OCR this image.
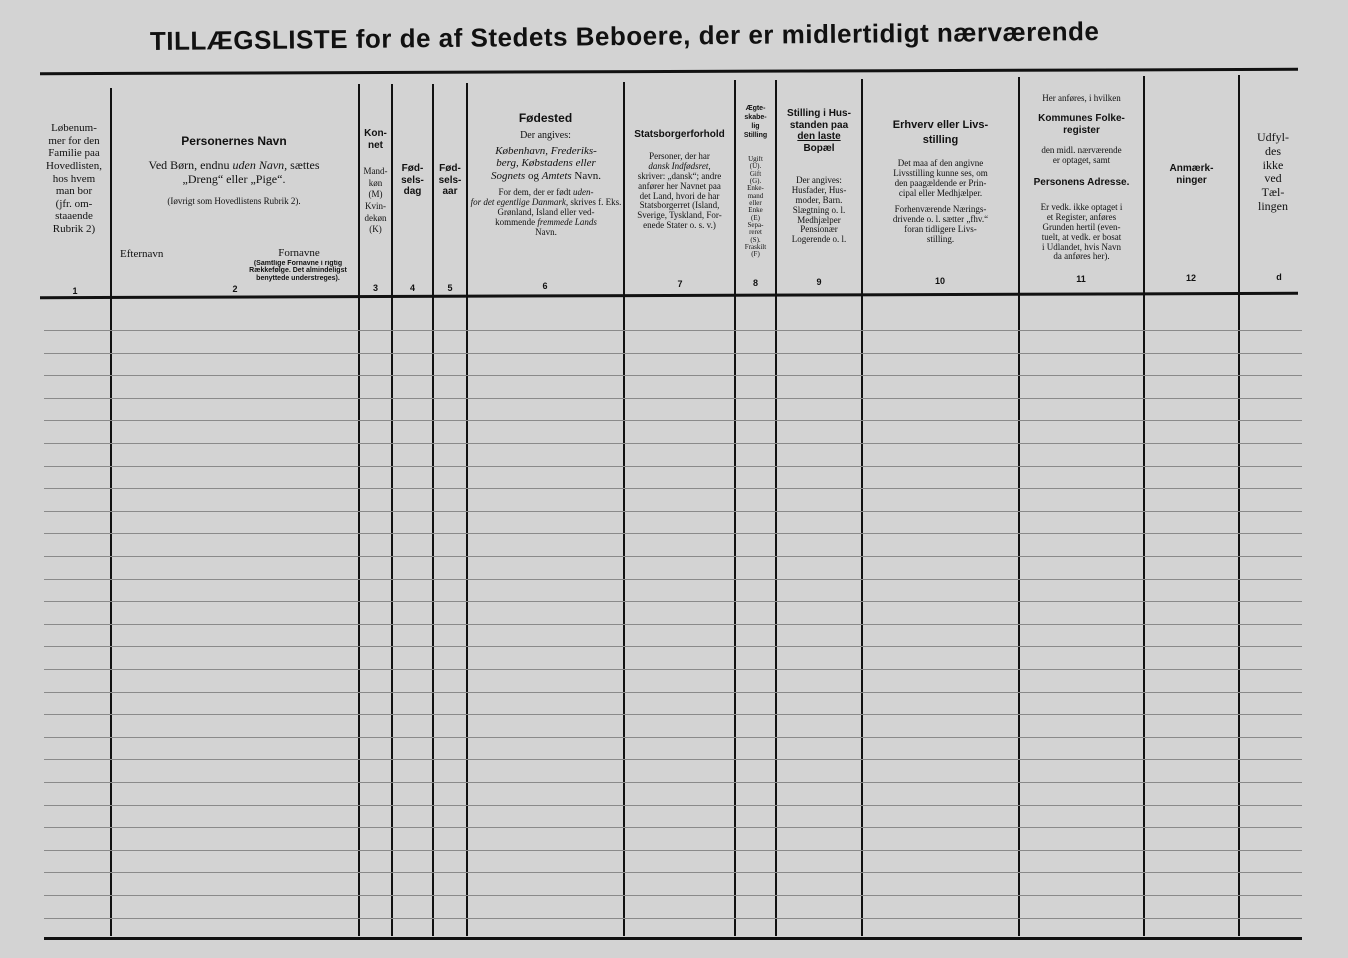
TILLÆGSLISTE for de af Stedets Beboere, der er midlertidigt nærværende
Løbenum-
mer for den
Familie paa
Hovedlisten,
hos hvem
man bor
(jfr. om-
staaende
Rubrik 2)
1
Personernes Navn
Ved Børn, endnu uden Navn, sættes
„Dreng“ eller „Pige“.
(Iøvrigt som Hovedlistens Rubrik 2).
Efternavn	Fornavne
(Samtlige Fornavne i rigtig Rækkefølge. Det almindeligst benyttede understreges).
2
Kon-
net
Mand-
køn
(M)
Kvin-
dekøn
(K)
3
Fød-
sels-
dag
4
Fød-
sels-
aar
5
Fødested
Der angives:
København, Frederiks-
berg, Købstadens eller
Sognets og Amtets Navn.
For dem, der er født uden-
for det egentlige Danmark, skrives f. Eks.
Grønland, Island eller ved-
kommende fremmede Lands
Navn.
6
Statsborgerforhold
Personer, der har
dansk Indfødsret,
skriver: „dansk“; andre
anfører her Navnet paa
det Land, hvori de har
Statsborgerret (Island,
Sverige, Tyskland, For-
enede Stater o. s. v.)
7
Ægte-
skabe-
lig
Stilling
Ugift
(U).
Gift
(G).
Enke-
mand
eller
Enke
(E)
Sepa-
reret
(S).
Fraskilt
(F)
8
Stilling i Hus-
standen paa
den laste
Bopæl
Der angives:
Husfader, Hus-
moder, Barn.
Slægtning o. l.
Medhjælper
Pensionær
Logerende o. l.
9
Erhverv eller Livs-
stilling
Det maa af den angivne
Livsstilling kunne ses, om
den paagældende er Prin-
cipal eller Medhjælper.
Forhenværende Nærings-
drivende o. l. sætter „fhv.“
foran tidligere Livs-
stilling.
10
Her anføres, i hvilken
Kommunes Folke-
register
den midl. nærværende
er optaget, samt
Personens Adresse.
Er vedk. ikke optaget i
et Register, anføres
Grunden hertil (even-
tuelt, at vedk. er bosat
i Udlandet, hvis Navn
da anføres her).
11
Anmærk-
ninger
12
Udfyl-
des
ikke
ved
Tæl-
lingen
d
